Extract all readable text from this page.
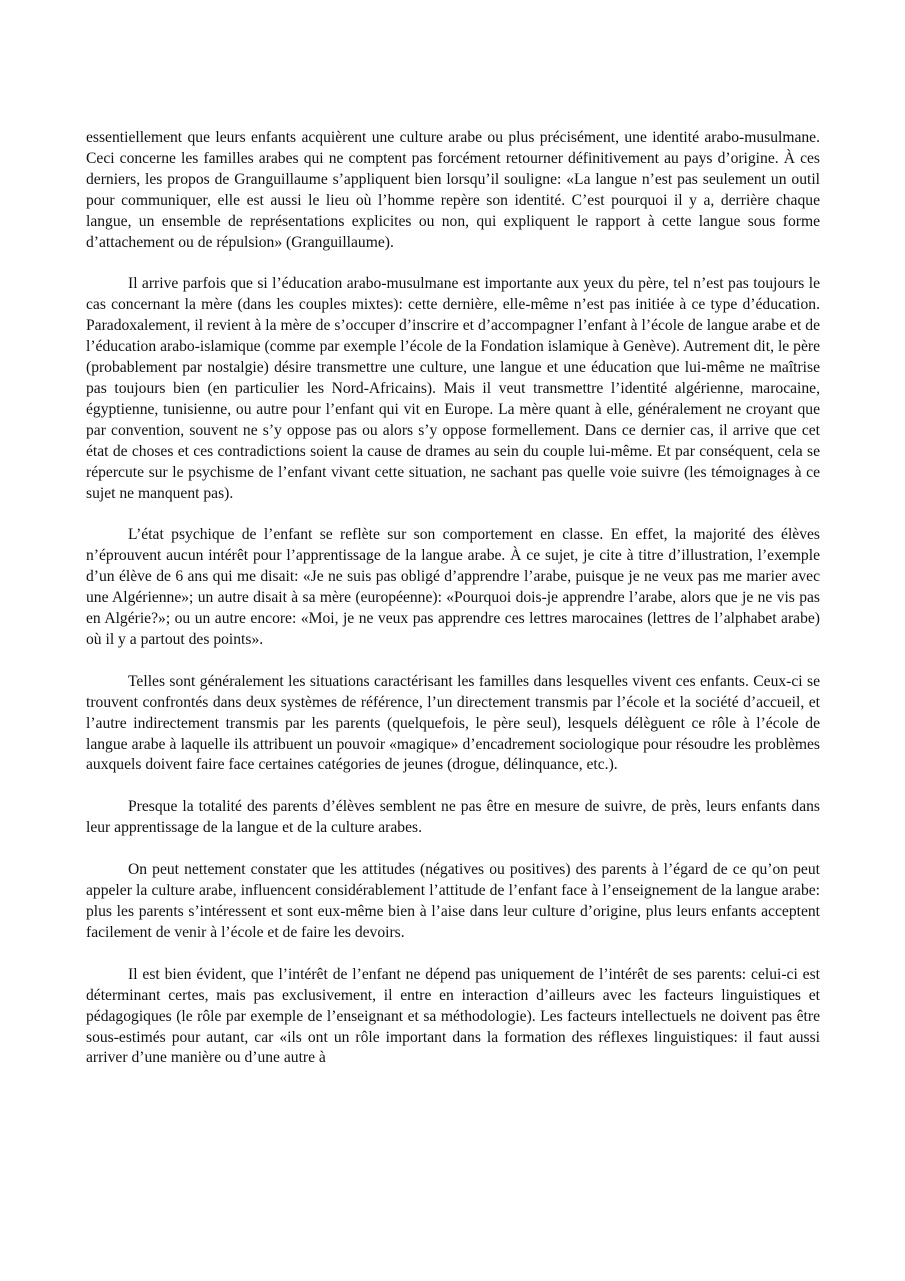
essentiellement que leurs enfants acquièrent une culture arabe ou plus précisément, une identité arabo-musulmane. Ceci concerne les familles arabes qui ne comptent pas forcément retourner définitivement au pays d’origine. À ces derniers, les propos de Granguillaume s’appliquent bien lorsqu’il souligne: «La langue n’est pas seulement un outil pour communiquer, elle est aussi le lieu où l’homme repère son identité. C’est pourquoi il y a, derrière chaque langue, un ensemble de représentations explicites ou non, qui expliquent le rapport à cette langue sous forme d’attachement ou de répulsion» (Granguillaume).

Il arrive parfois que si l’éducation arabo-musulmane est importante aux yeux du père, tel n’est pas toujours le cas concernant la mère (dans les couples mixtes): cette dernière, elle-même n’est pas initiée à ce type d’éducation. Paradoxalement, il revient à la mère de s’occuper d’inscrire et d’accompagner l’enfant à l’école de langue arabe et de l’éducation arabo-islamique (comme par exemple l’école de la Fondation islamique à Genève). Autrement dit, le père (probablement par nostalgie) désire transmettre une culture, une langue et une éducation que lui-même ne maîtrise pas toujours bien (en particulier les Nord-Africains). Mais il veut transmettre l’identité algérienne, marocaine, égyptienne, tunisienne, ou autre pour l’enfant qui vit en Europe. La mère quant à elle, généralement ne croyant que par convention, souvent ne s’y oppose pas ou alors s’y oppose formellement. Dans ce dernier cas, il arrive que cet état de choses et ces contradictions soient la cause de drames au sein du couple lui-même. Et par conséquent, cela se répercute sur le psychisme de l’enfant vivant cette situation, ne sachant pas quelle voie suivre (les témoignages à ce sujet ne manquent pas).

L’état psychique de l’enfant se reflète sur son comportement en classe. En effet, la majorité des élèves n’éprouvent aucun intérêt pour l’apprentissage de la langue arabe. À ce sujet, je cite à titre d’illustration, l’exemple d’un élève de 6 ans qui me disait: «Je ne suis pas obligé d’apprendre l’arabe, puisque je ne veux pas me marier avec une Algérienne»; un autre disait à sa mère (européenne): «Pourquoi dois-je apprendre l’arabe, alors que je ne vis pas en Algérie?»; ou un autre encore: «Moi, je ne veux pas apprendre ces lettres marocaines (lettres de l’alphabet arabe) où il y a partout des points».

Telles sont généralement les situations caractérisant les familles dans lesquelles vivent ces enfants. Ceux-ci se trouvent confrontés dans deux systèmes de référence, l’un directement transmis par l’école et la société d’accueil, et l’autre indirectement transmis par les parents (quelquefois, le père seul), lesquels délèguent ce rôle à l’école de langue arabe à laquelle ils attribuent un pouvoir «magique» d’encadrement sociologique pour résoudre les problèmes auxquels doivent faire face certaines catégories de jeunes (drogue, délinquance, etc.).

Presque la totalité des parents d’élèves semblent ne pas être en mesure de suivre, de près, leurs enfants dans leur apprentissage de la langue et de la culture arabes.

On peut nettement constater que les attitudes (négatives ou positives) des parents à l’égard de ce qu’on peut appeler la culture arabe, influencent considérablement l’attitude de l’enfant face à l’enseignement de la langue arabe: plus les parents s’intéressent et sont eux-même bien à l’aise dans leur culture d’origine, plus leurs enfants acceptent facilement de venir à l’école et de faire les devoirs.

Il est bien évident, que l’intérêt de l’enfant ne dépend pas uniquement de l’intérêt de ses parents: celui-ci est déterminant certes, mais pas exclusivement, il entre en interaction d’ailleurs avec les facteurs linguistiques et pédagogiques (le rôle par exemple de l’enseignant et sa méthodologie). Les facteurs intellectuels ne doivent pas être sous-estimés pour autant, car «ils ont un rôle important dans la formation des réflexes linguistiques: il faut aussi arriver d’une manière ou d’une autre à
